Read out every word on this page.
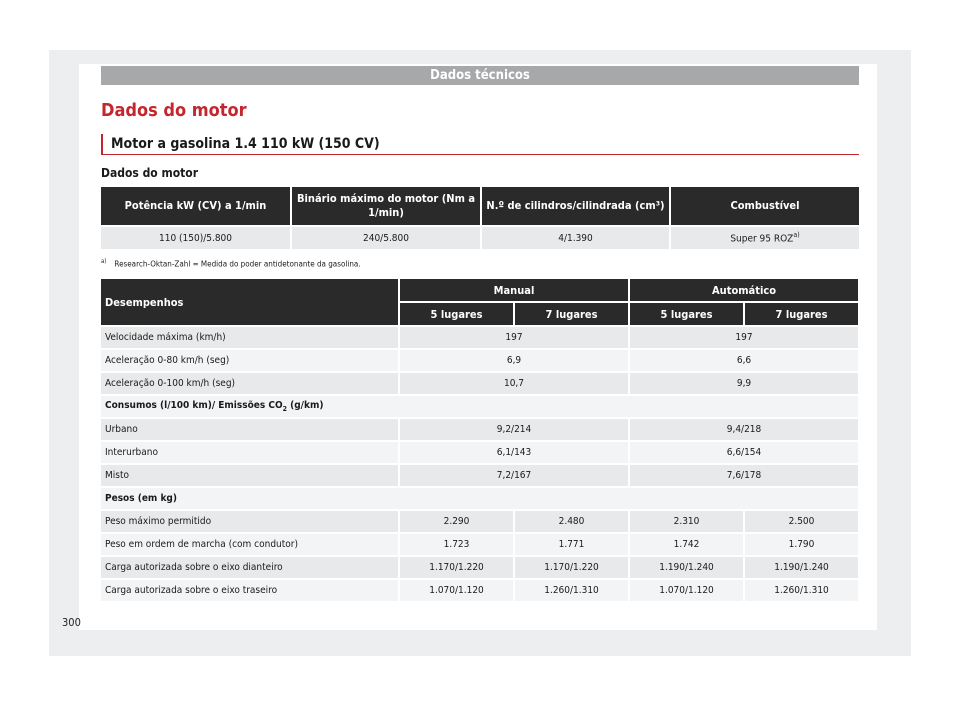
Dados técnicos
Dados do motor
Motor a gasolina 1.4 110 kW (150 CV)
Dados do motor
Potência kW (CV) a 1/min	Binário máximo do motor (Nm a 1/min)	N.º de cilindros/cilindrada (cm³)	Combustível
110 (150)/5.800	240/5.800	4/1.390	Super 95 ROZ$^{a)}$
$^{a)}$ Research-Oktan-Zahl = Medida do poder antidetonante da gasolina.
Desempenhos	Manual		Automático	
	5 lugares	7 lugares	5 lugares	7 lugares
Velocidade máxima (km/h)	197		197	
Aceleração 0-80 km/h (seg)	6,9		6,6	
Aceleração 0-100 km/h (seg)	10,7		9,9	
Consumos (l/100 km)/ Emissões $CO_2$ (g/km)				
Urbano	9,2/214		9,4/218	
Interurbano	6,1/143		6,6/154	
Misto	7,2/167		7,6/178	
Pesos (em kg)				
Peso máximo permitido	2.290	2.480	2.310	2.500
Peso em ordem de marcha (com condutor)	1.723	1.771	1.742	1.790
Carga autorizada sobre o eixo dianteiro	1.170/1.220	1.170/1.220	1.190/1.240	1.190/1.240
Carga autorizada sobre o eixo traseiro	1.070/1.120	1.260/1.310	1.070/1.120	1.260/1.310
300
